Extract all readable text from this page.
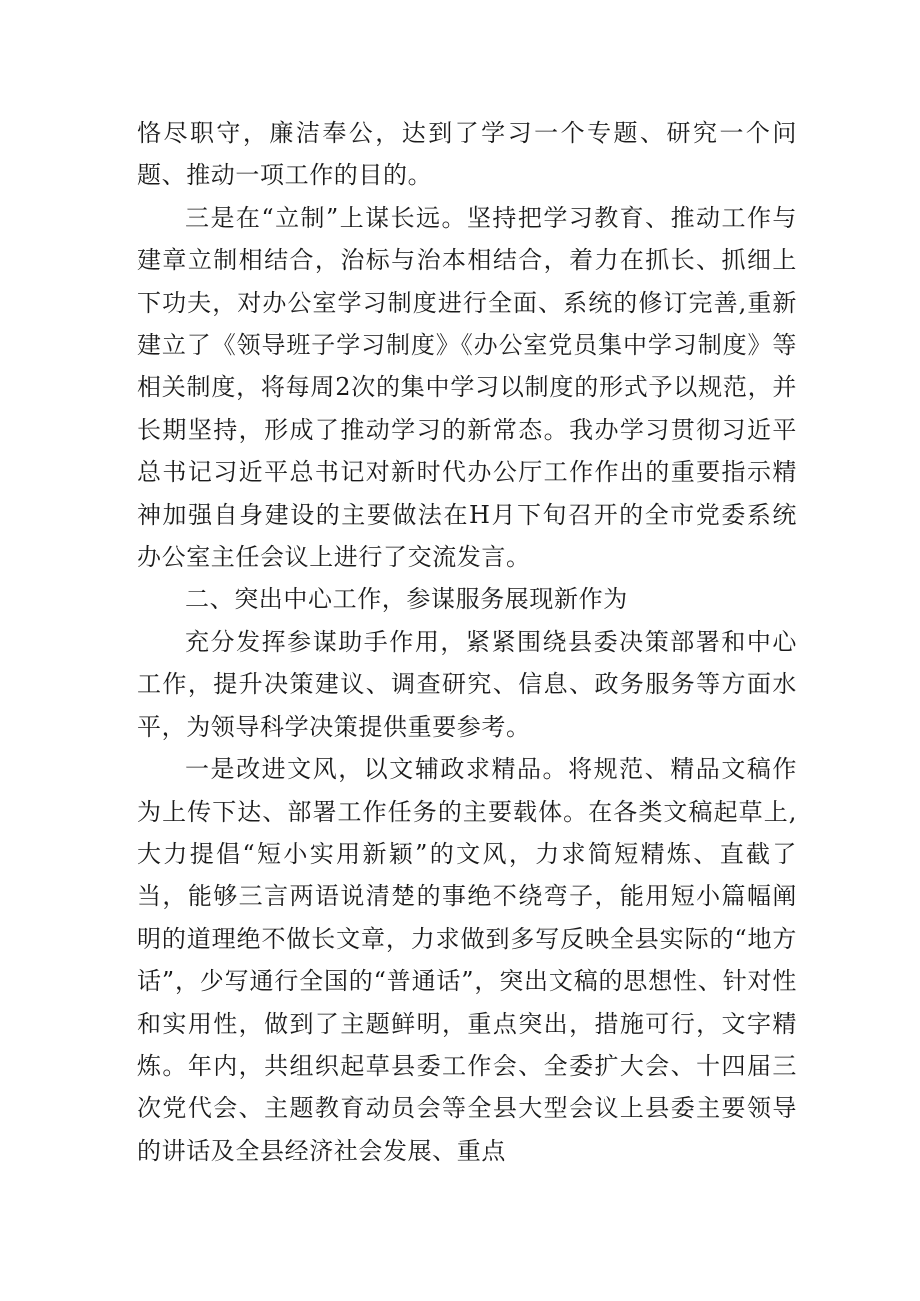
恪尽职守，廉洁奉公，达到了学习一个专题、研究一个问题、推动一项工作的目的。

三是在“立制”上谋长远。坚持把学习教育、推动工作与建章立制相结合，治标与治本相结合，着力在抓长、抓细上下功夫，对办公室学习制度进行全面、系统的修订完善,重新建立了《领导班子学习制度》《办公室党员集中学习制度》等相关制度，将每周2次的集中学习以制度的形式予以规范，并长期坚持，形成了推动学习的新常态。我办学习贯彻习近平总书记习近平总书记对新时代办公厅工作作出的重要指示精神加强自身建设的主要做法在H月下旬召开的全市党委系统办公室主任会议上进行了交流发言。

二、突出中心工作，参谋服务展现新作为

充分发挥参谋助手作用，紧紧围绕县委决策部署和中心工作，提升决策建议、调查研究、信息、政务服务等方面水平，为领导科学决策提供重要参考。

一是改进文风，以文辅政求精品。将规范、精品文稿作为上传下达、部署工作任务的主要载体。在各类文稿起草上,大力提倡“短小实用新颖”的文风，力求简短精炼、直截了当，能够三言两语说清楚的事绝不绕弯子，能用短小篇幅阐明的道理绝不做长文章，力求做到多写反映全县实际的“地方话”，少写通行全国的“普通话”，突出文稿的思想性、针对性和实用性，做到了主题鲜明，重点突出，措施可行，文字精炼。年内，共组织起草县委工作会、全委扩大会、十四届三次党代会、主题教育动员会等全县大型会议上县委主要领导的讲话及全县经济社会发展、重点
